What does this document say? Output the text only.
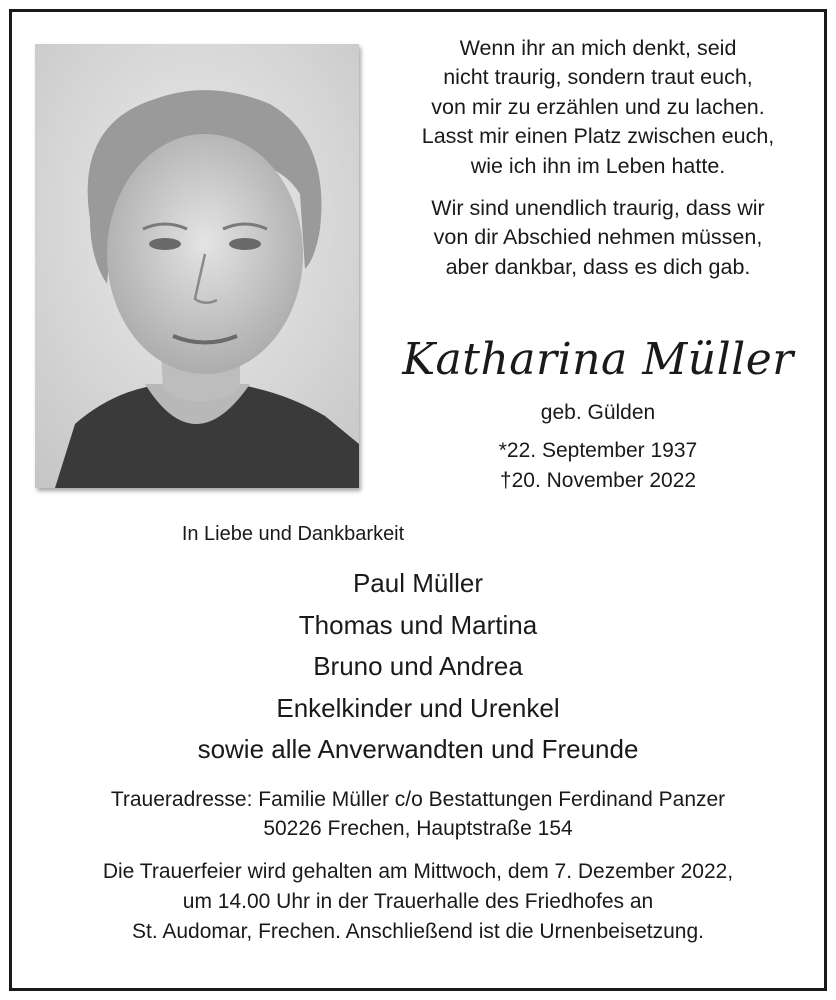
Wenn ihr an mich denkt, seid
nicht traurig, sondern traut euch,
von mir zu erzählen und zu lachen.
Lasst mir einen Platz zwischen euch,
wie ich ihn im Leben hatte.

Wir sind unendlich traurig, dass wir
von dir Abschied nehmen müssen,
aber dankbar, dass es dich gab.

Katharina Müller
geb. Gülden
*22. September 1937
†20. November 2022
In Liebe und Dankbarkeit
Paul Müller
Thomas und Martina
Bruno und Andrea
Enkelkinder und Urenkel
sowie alle Anverwandten und Freunde
Traueradresse: Familie Müller c/o Bestattungen Ferdinand Panzer
50226 Frechen, Hauptstraße 154
Die Trauerfeier wird gehalten am Mittwoch, dem 7. Dezember 2022,
um 14.00 Uhr in der Trauerhalle des Friedhofes an
St. Audomar, Frechen. Anschließend ist die Urnenbeisetzung.
